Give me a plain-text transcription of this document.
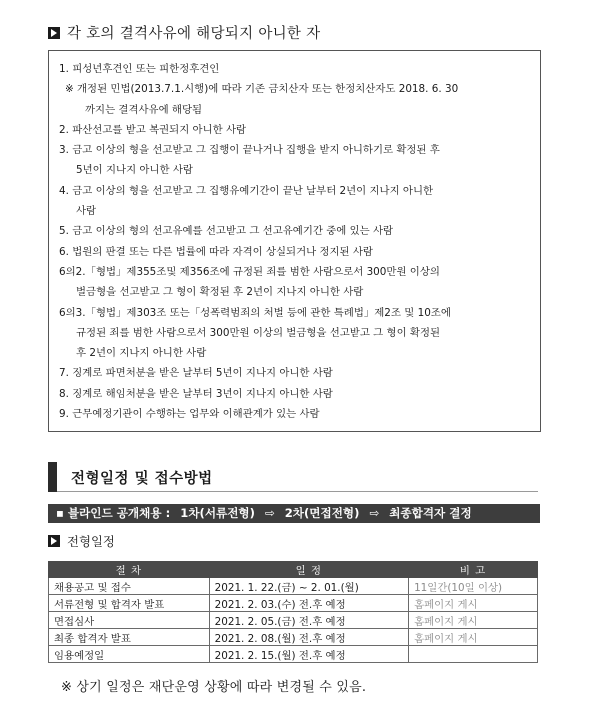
각 호의 결격사유에 해당되지 아니한 자
1. 피성년후견인 또는 피한정후견인
※ 개정된 민법(2013.7.1.시행)에 따라 기존 금치산자 또는 한정치산자도 2018. 6. 30
까지는 결격사유에 해당됨
2. 파산선고를 받고 복권되지 아니한 사람
3. 금고 이상의 형을 선고받고 그 집행이 끝나거나 집행을 받지 아니하기로 확정된 후
5년이 지나지 아니한 사람
4. 금고 이상의 형을 선고받고 그 집행유예기간이 끝난 날부터 2년이 지나지 아니한
사람
5. 금고 이상의 형의 선고유예를 선고받고 그 선고유예기간 중에 있는 사람
6. 법원의 판결 또는 다른 법률에 따라 자격이 상실되거나 정지된 사람
6의2.「형법」제355조및 제356조에 규정된 죄를 범한 사람으로서 300만원 이상의
벌금형을 선고받고 그 형이 확정된 후 2년이 지나지 아니한 사람
6의3.「형법」제303조 또는「성폭력범죄의 처벌 등에 관한 특례법」제2조 및 10조에
규정된 죄를 범한 사람으로서 300만원 이상의 벌금형을 선고받고 그 형이 확정된
후 2년이 지나지 아니한 사람
7. 징계로 파면처분을 받은 날부터 5년이 지나지 아니한 사람
8. 징계로 해임처분을 받은 날부터 3년이 지나지 아니한 사람
9. 근무예정기관이 수행하는 업무와 이해관계가 있는 사람
전형일정 및 접수방법
▪ 블라인드 공개채용 : 1차(서류전형) ⇨ 2차(면접전형) ⇨ 최종합격자 결정
전형일정
절 차	일 정	비 고
채용공고 및 접수	2021. 1. 22.(금) ~ 2. 01.(월)	11일간(10일 이상)
서류전형 및 합격자 발표	2021. 2. 03.(수) 전.후 예정	홈페이지 게시
면접심사	2021. 2. 05.(금) 전.후 예정	홈페이지 게시
최종 합격자 발표	2021. 2. 08.(월) 전.후 예정	홈페이지 게시
임용예정일	2021. 2. 15.(월) 전.후 예정	
※ 상기 일정은 재단운영 상황에 따라 변경될 수 있음.
